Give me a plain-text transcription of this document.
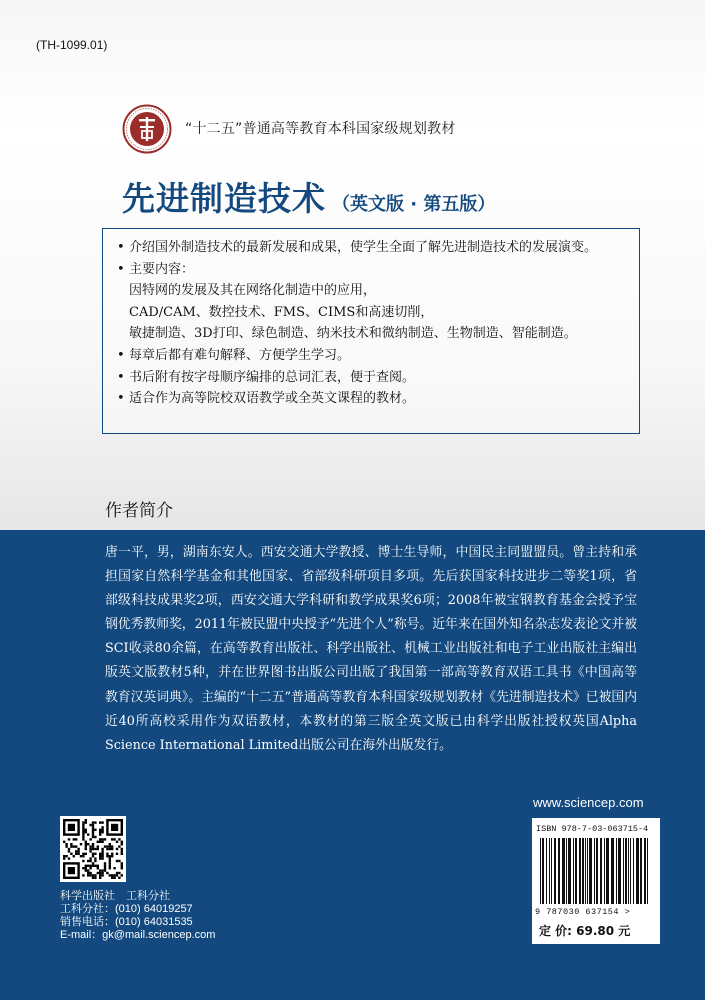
(TH-1099.01)
“十二五”普通高等教育本科国家级规划教材
先进制造技术 （英文版 · 第五版）
• 介绍国外制造技术的最新发展和成果，使学生全面了解先进制造技术的发展演变。
• 主要内容：
因特网的发展及其在网络化制造中的应用，
CAD/CAM、数控技术、FMS、CIMS和高速切削，
敏捷制造、3D打印、绿色制造、纳米技术和微纳制造、生物制造、智能制造。
• 每章后都有难句解释、方便学生学习。
• 书后附有按字母顺序编排的总词汇表，便于查阅。
• 适合作为高等院校双语教学或全英文课程的教材。
作者简介
唐一平，男，湖南东安人。西安交通大学教授、博士生导师，中国民主同盟盟员。曾主持和承担国家自然科学基金和其他国家、省部级科研项目多项。先后获国家科技进步二等奖1项，省部级科技成果奖2项，西安交通大学科研和教学成果奖6项；2008年被宝钢教育基金会授予宝钢优秀教师奖，2011年被民盟中央授予“先进个人”称号。近年来在国外知名杂志发表论文并被SCI收录80余篇，在高等教育出版社、科学出版社、机械工业出版社和电子工业出版社主编出版英文版教材5种，并在世界图书出版公司出版了我国第一部高等教育双语工具书《中国高等教育汉英词典》。主编的“十二五”普通高等教育本科国家级规划教材《先进制造技术》已被国内近40所高校采用作为双语教材，本教材的第三版全英文版已由科学出版社授权英国Alpha Science International Limited出版公司在海外出版发行。
www.sciencep.com
科学出版社　工科分社
工科分社：(010) 64019257
销售电话：(010) 64031535
E-mail：gk@mail.sciencep.com
ISBN 978-7-03-063715-4
9 787030 637154 >
定 价: 69.80 元
